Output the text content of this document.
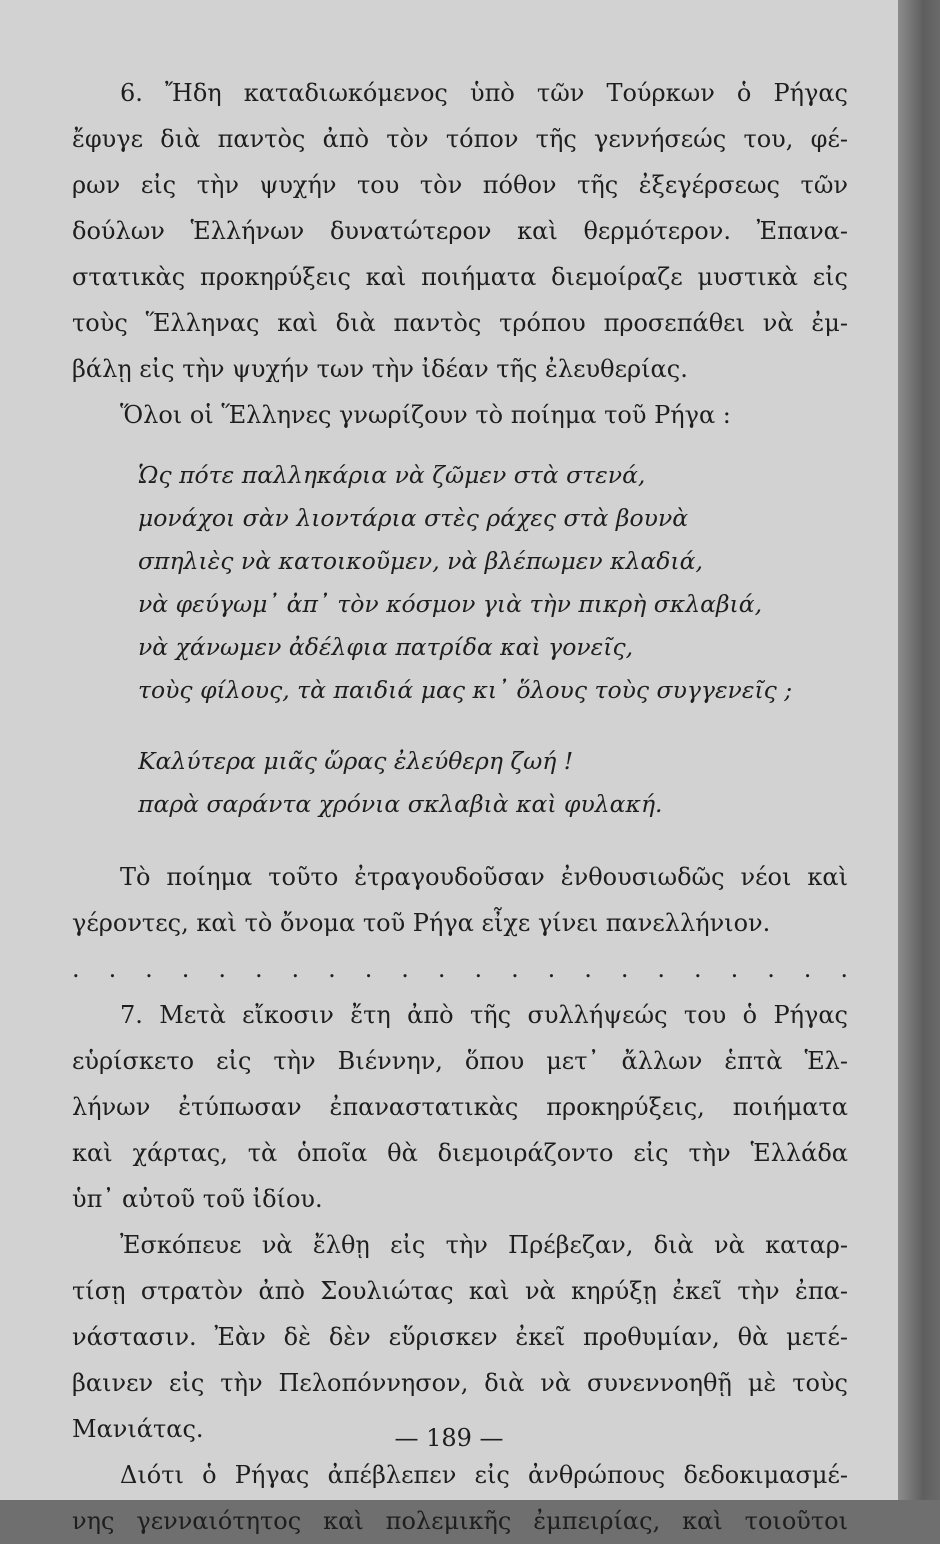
6. Ἤδη καταδιωκόμενος ὑπὸ τῶν Τούρκων ὁ Ρήγας
ἔφυγε διὰ παντὸς ἀπὸ τὸν τόπον τῆς γεννήσεώς του, φέ-
ρων εἰς τὴν ψυχήν του τὸν πόθον τῆς ἐξεγέρσεως τῶν
δούλων Ἑλλήνων δυνατώτερον καὶ θερμότερον. Ἐπανα-
στατικὰς προκηρύξεις καὶ ποιήματα διεμοίραζε μυστικὰ εἰς
τοὺς Ἕλληνας καὶ διὰ παντὸς τρόπου προσεπάθει νὰ ἐμ-
βάλῃ εἰς τὴν ψυχήν των τὴν ἰδέαν τῆς ἐλευθερίας.
Ὅλοι οἱ Ἕλληνες γνωρίζουν τὸ ποίημα τοῦ Ρήγα :
Ὡς πότε παλληκάρια νὰ ζῶμεν στὰ στενά,
μονάχοι σὰν λιοντάρια στὲς ράχες στὰ βουνὰ
σπηλιὲς νὰ κατοικοῦμεν, νὰ βλέπωμεν κλαδιά,
νὰ φεύγωμ᾿ ἀπ᾿ τὸν κόσμον γιὰ τὴν πικρὴ σκλαβιά,
νὰ χάνωμεν ἀδέλφια πατρίδα καὶ γονεῖς,
τοὺς φίλους, τὰ παιδιά μας κι᾿ ὅλους τοὺς συγγενεῖς ;
Καλύτερα μιᾶς ὥρας ἐλεύθερη ζωή !
παρὰ σαράντα χρόνια σκλαβιὰ καὶ φυλακή.
Τὸ ποίημα τοῦτο ἐτραγουδοῦσαν ἐνθουσιωδῶς νέοι καὶ
γέροντες, καὶ τὸ ὄνομα τοῦ Ρήγα εἶχε γίνει πανελλήνιον.
. . . . . . . . . . . . . . . . . . . . . .
7. Μετὰ εἴκοσιν ἔτη ἀπὸ τῆς συλλήψεώς του ὁ Ρήγας
εὑρίσκετο εἰς τὴν Βιέννην, ὅπου μετ᾿ ἄλλων ἑπτὰ Ἑλ-
λήνων ἐτύπωσαν ἐπαναστατικὰς προκηρύξεις, ποιήματα
καὶ χάρτας, τὰ ὁποῖα θὰ διεμοιράζοντο εἰς τὴν Ἑλλάδα
ὑπ᾿ αὐτοῦ τοῦ ἰδίου.
Ἐσκόπευε νὰ ἔλθῃ εἰς τὴν Πρέβεζαν, διὰ νὰ καταρ-
τίσῃ στρατὸν ἀπὸ Σουλιώτας καὶ νὰ κηρύξῃ ἐκεῖ τὴν ἐπα-
νάστασιν. Ἐὰν δὲ δὲν εὕρισκεν ἐκεῖ προθυμίαν, θὰ μετέ-
βαινεν εἰς τὴν Πελοπόννησον, διὰ νὰ συνεννοηθῇ μὲ τοὺς
Μανιάτας.
Διότι ὁ Ρήγας ἀπέβλεπεν εἰς ἀνθρώπους δεδοκιμασμέ-
νης γενναιότητος καὶ πολεμικῆς ἐμπειρίας, καὶ τοιοῦτοι
— 189 —
